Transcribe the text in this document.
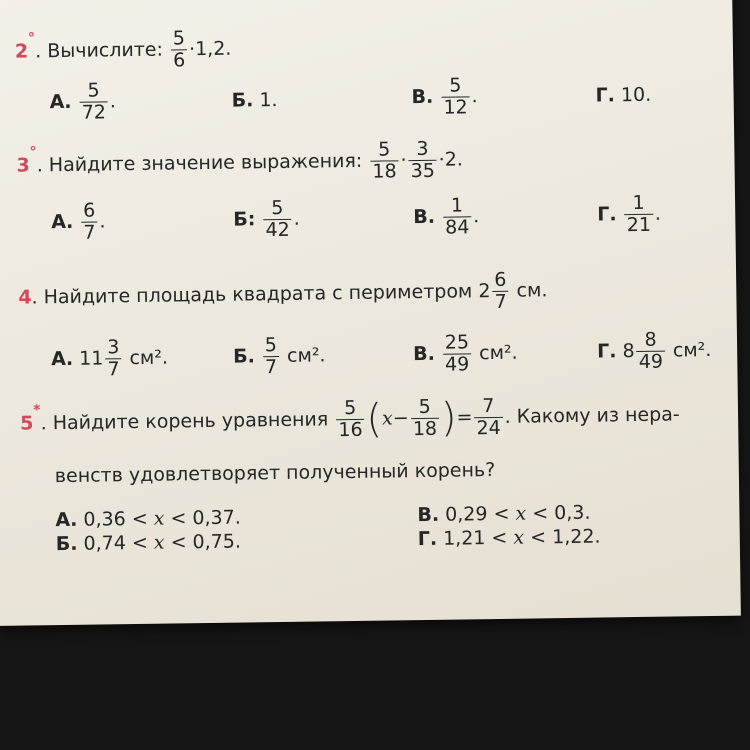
2°. Вычислите: $\frac{5}{6} \cdot 1,2$.
А. $\frac{5}{72}$ .	Б. 1.	В. $\frac{5}{12}$ .	Г. 10.
3°. Найдите значение выражения: $\frac{5}{18} \cdot \frac{3}{35} \cdot 2$.
А. $\frac{6}{7}$ .	Б: $\frac{5}{42}$ .	В. $\frac{1}{84}$ .	Г. $\frac{1}{21}$ .
4. Найдите площадь квадрата с периметром $2 \frac{6}{7}$ см.
А. $11 \frac{3}{7} см^2$.	Б. $\frac{5}{7} см^2$.	В. $\frac{25}{49} см^2$.	Г. $8 \frac{8}{49} см^2$.
5*. Найдите корень уравнения $\frac{5}{16} (x- \frac{5}{18}$ )= $\frac{7}{24}$ . Какому из нера-
венств удовлетворяет полученный корень?
А. 0,36 < x < 0,37.	В. 0,29 < x < 0,3.
Б. 0,74 < x < 0,75.	Г. 1,21 < x < 1,22.
